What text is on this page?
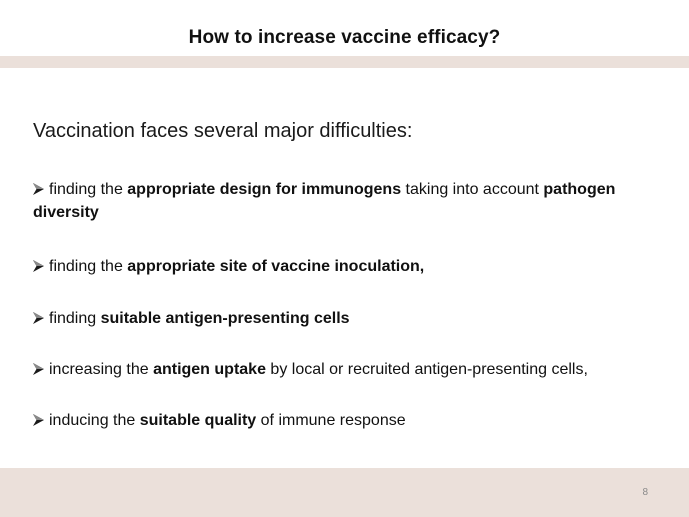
How to increase vaccine efficacy?
Vaccination faces several major difficulties:
finding the appropriate design for immunogens taking into account pathogen diversity
finding the appropriate site of vaccine inoculation,
finding suitable antigen-presenting cells
increasing the antigen uptake by local or recruited antigen-presenting cells,
inducing the suitable quality of immune response
8
